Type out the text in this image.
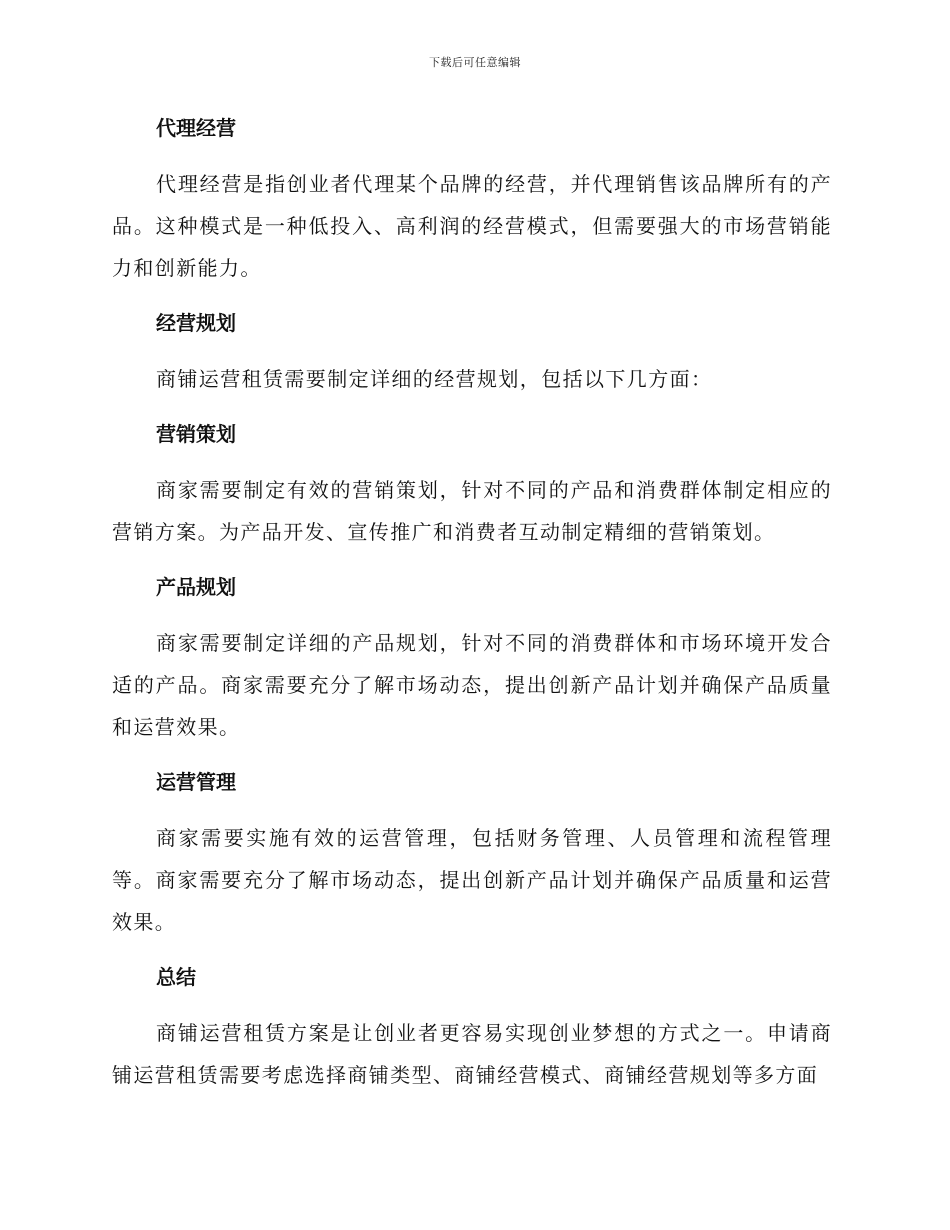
下载后可任意编辑
代理经营

代理经营是指创业者代理某个品牌的经营，并代理销售该品牌所有的产品。这种模式是一种低投入、高利润的经营模式，但需要强大的市场营销能力和创新能力。

经营规划

商铺运营租赁需要制定详细的经营规划，包括以下几方面：

营销策划

商家需要制定有效的营销策划，针对不同的产品和消费群体制定相应的营销方案。为产品开发、宣传推广和消费者互动制定精细的营销策划。

产品规划

商家需要制定详细的产品规划，针对不同的消费群体和市场环境开发合适的产品。商家需要充分了解市场动态，提出创新产品计划并确保产品质量和运营效果。

运营管理

商家需要实施有效的运营管理，包括财务管理、人员管理和流程管理等。商家需要充分了解市场动态，提出创新产品计划并确保产品质量和运营效果。

总结

商铺运营租赁方案是让创业者更容易实现创业梦想的方式之一。申请商铺运营租赁需要考虑选择商铺类型、商铺经营模式、商铺经营规划等多方面
